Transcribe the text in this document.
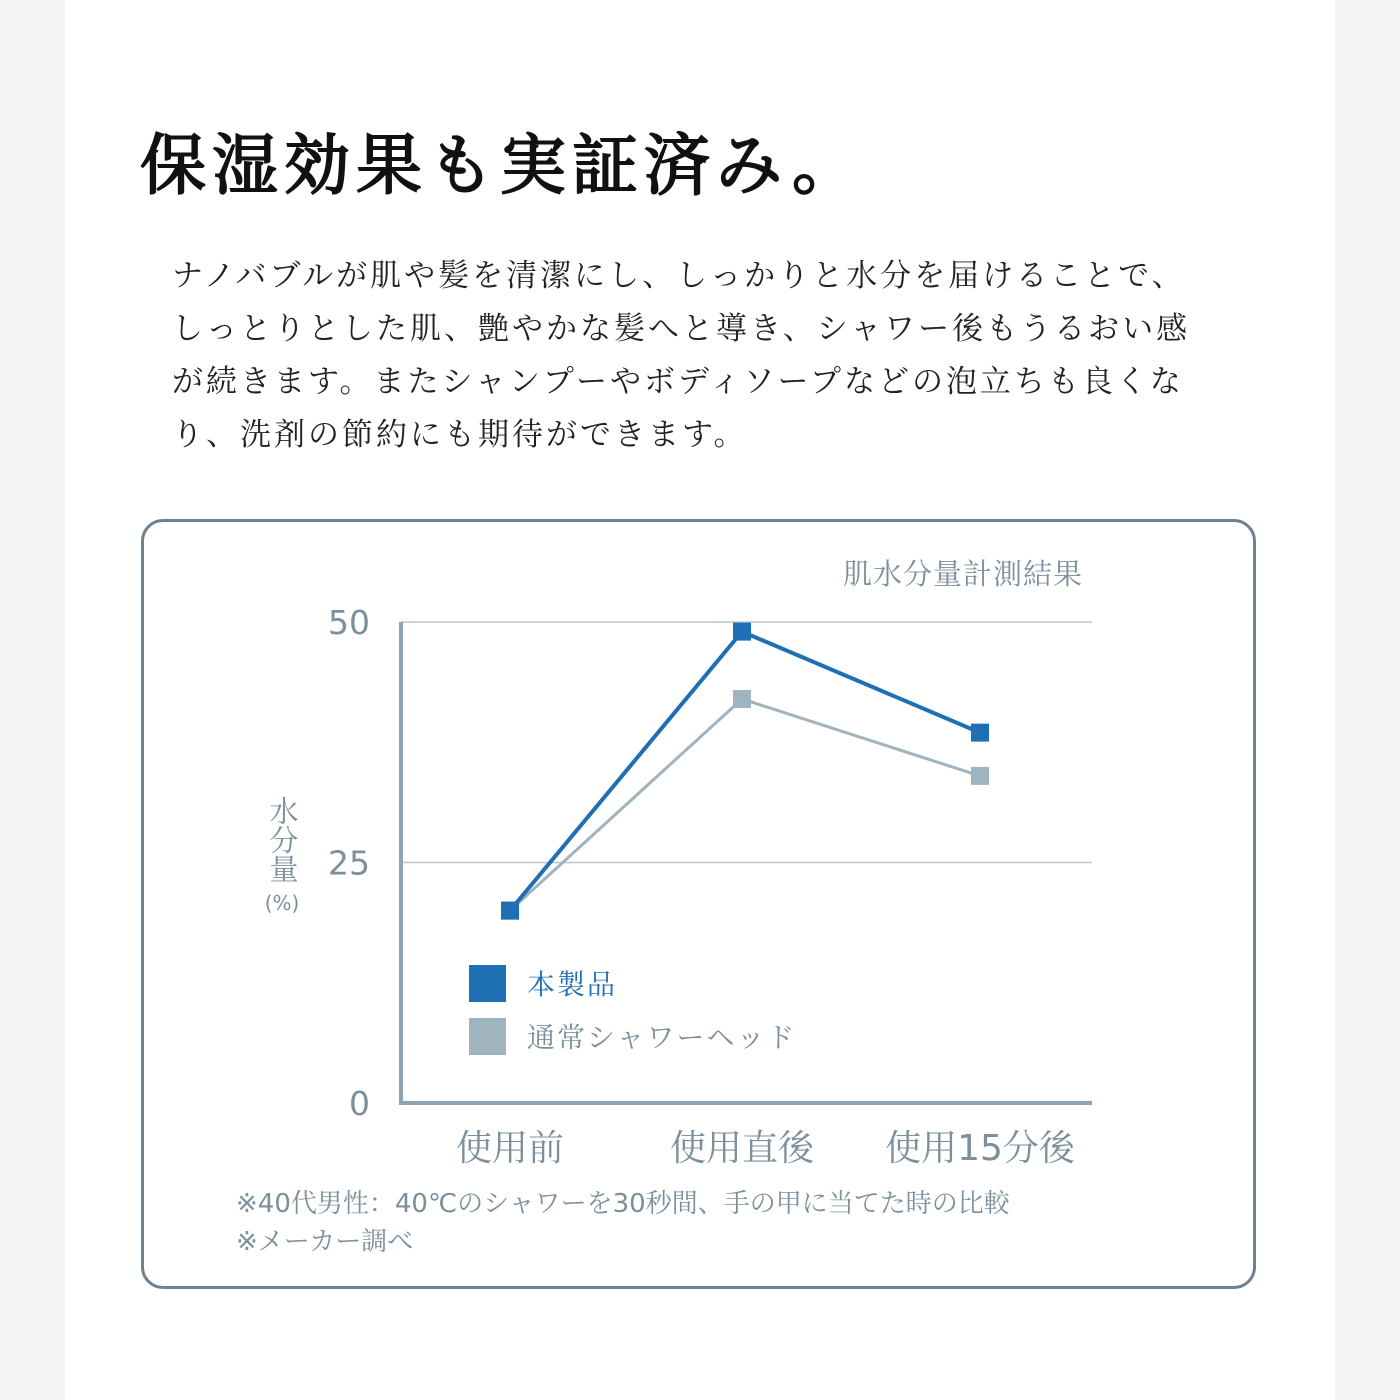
保湿効果も実証済み。
ナノバブルが肌や髪を清潔にし、しっかりと水分を届けることで、
しっとりとした肌、艶やかな髪へと導き、シャワー後もうるおい感
が続きます。またシャンプーやボディソープなどの泡立ちも良くな
り、洗剤の節約にも期待ができます。
肌水分量計測結果
50
25
0
使用前	使用直後 使用15分後
水分量
(%)
本製品
通常シャワーヘッド
※40代男性：40℃のシャワーを30秒間、手の甲に当てた時の比較
※メーカー調べ
